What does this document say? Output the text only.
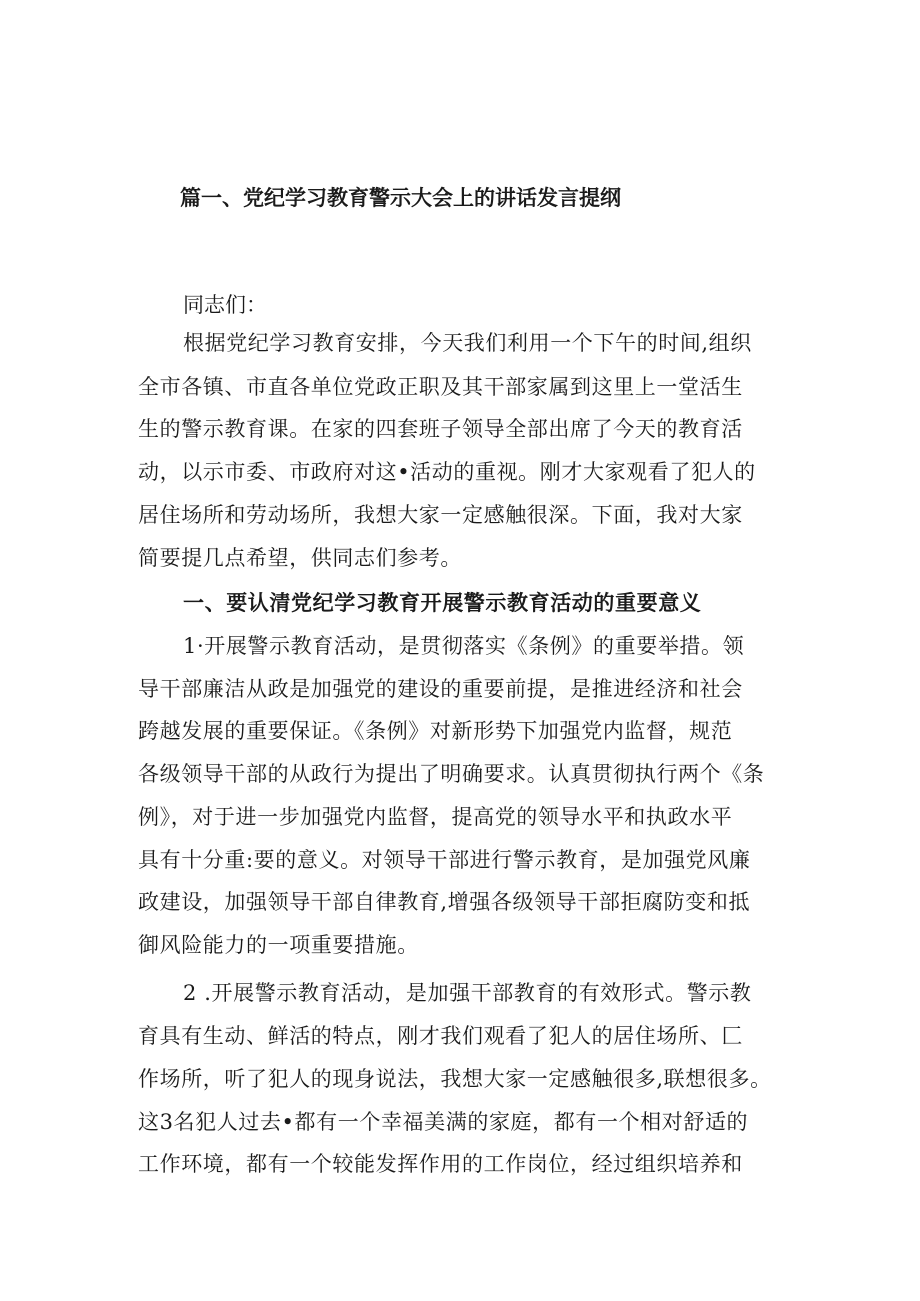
篇一、党纪学习教育警示大会上的讲话发言提纲
同志们：
根据党纪学习教育安排，今天我们利用一个下午的时间,组织
全市各镇、市直各单位党政正职及其干部家属到这里上一堂活生
生的警示教育课。在家的四套班子领导全部出席了今天的教育活
动，以示市委、市政府对这•活动的重视。刚才大家观看了犯人的
居住场所和劳动场所，我想大家一定感触很深。下面，我对大家
简要提几点希望，供同志们参考。
一、要认清党纪学习教育开展警示教育活动的重要意义
1·开展警示教育活动，是贯彻落实《条例》的重要举措。领
导干部廉洁从政是加强党的建设的重要前提，是推进经济和社会
跨越发展的重要保证。《条例》对新形势下加强党内监督，规范
各级领导干部的从政行为提出了明确要求。认真贯彻执行两个《条
例》，对于进一步加强党内监督，提高党的领导水平和执政水平
具有十分重:要的意义。对领导干部进行警示教育，是加强党风廉
政建设，加强领导干部自律教育,增强各级领导干部拒腐防变和抵
御风险能力的一项重要措施。
2 .开展警示教育活动，是加强干部教育的有效形式。警示教
育具有生动、鲜活的特点，刚才我们观看了犯人的居住场所、匚
作场所，听了犯人的现身说法，我想大家一定感触很多,联想很多。
这3名犯人过去•都有一个幸福美满的家庭，都有一个相对舒适的
工作环境，都有一个较能发挥作用的工作岗位，经过组织培养和
